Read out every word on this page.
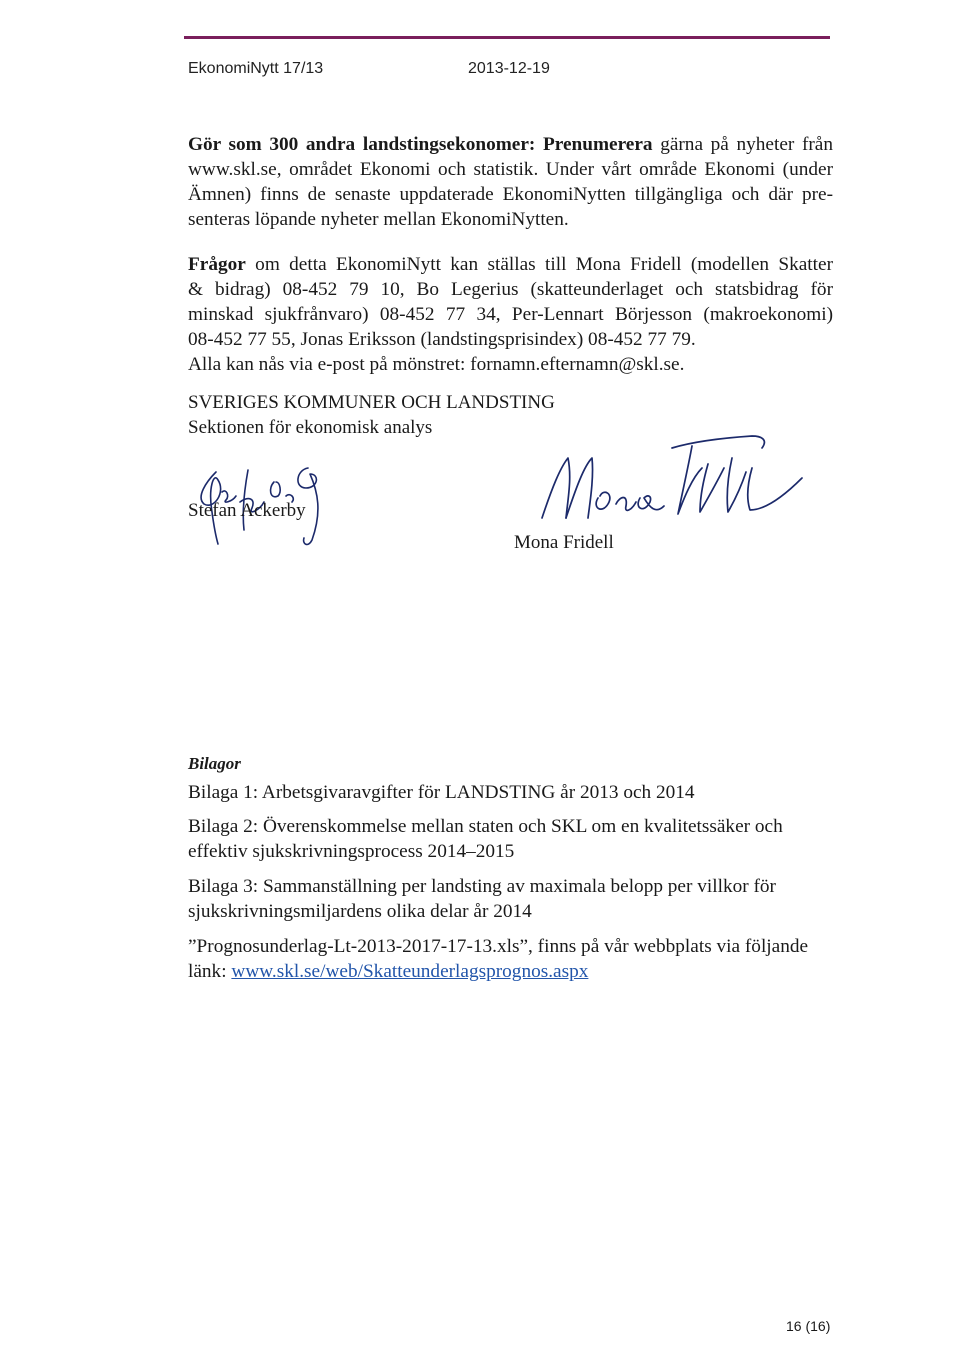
EkonomiNytt 17/13	2013-12-19
Gör som 300 andra landstingsekonomer: Prenumerera gärna på nyheter från
www.skl.se, området Ekonomi och statistik. Under vårt område Ekonomi (under
Ämnen) finns de senaste uppdaterade EkonomiNytten tillgängliga och där pre-
senteras löpande nyheter mellan EkonomiNytten.
Frågor om detta EkonomiNytt kan ställas till Mona Fridell (modellen Skatter
& bidrag) 08-452 79 10, Bo Legerius (skatteunderlaget och statsbidrag för
minskad sjukfrånvaro) 08-452 77 34, Per-Lennart Börjesson (makroekonomi)
08-452 77 55, Jonas Eriksson (landstingsprisindex) 08-452 77 79.
Alla kan nås via e-post på mönstret: fornamn.efternamn@skl.se.
SVERIGES KOMMUNER OCH LANDSTING
Sektionen för ekonomisk analys
Stefan Ackerby
Mona Fridell
Bilagor
Bilaga 1: Arbetsgivaravgifter för LANDSTING år 2013 och 2014
Bilaga 2: Överenskommelse mellan staten och SKL om en kvalitetssäker och
effektiv sjukskrivningsprocess 2014–2015
Bilaga 3: Sammanställning per landsting av maximala belopp per villkor för
sjukskrivningsmiljardens olika delar år 2014
”Prognosunderlag-Lt-2013-2017-17-13.xls”, finns på vår webbplats via följande
länk: www.skl.se/web/Skatteunderlagsprognos.aspx
16 (16)
